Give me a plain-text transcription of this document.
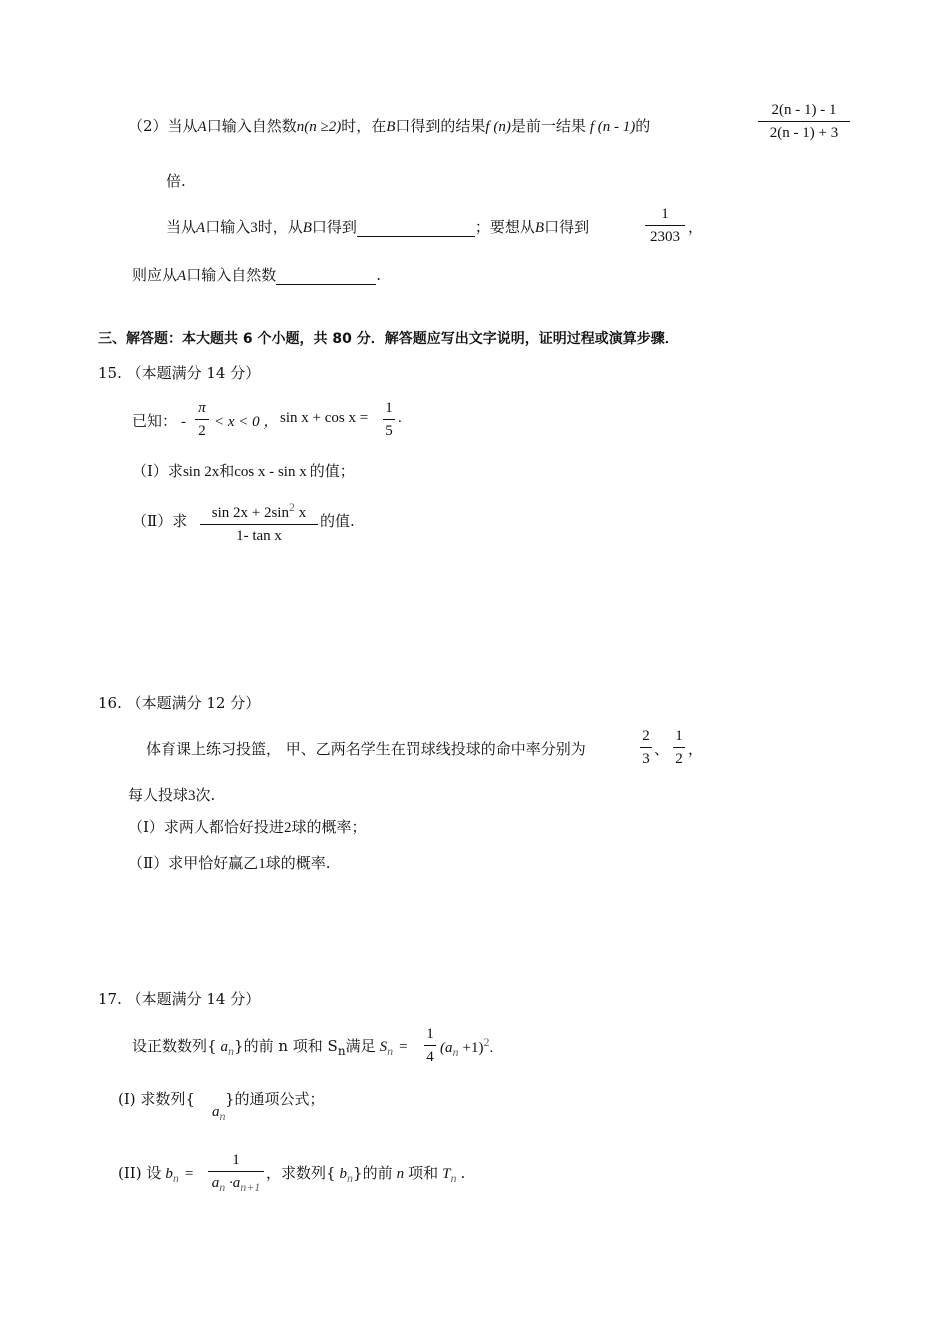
（2）当从A口输入自然数n(n ≥2)时，在B口得到的结果f (n)是前一结果 f (n - 1)的
2(n - 1) - 1
2(n - 1) + 3
倍.
当从A口输入3时，从B口得到	；要想从B口得到
1
2303
，
则应从A口输入自然数	.
三、解答题：本大题共 6 个小题，共 80 分．解答题应写出文字说明，证明过程或演算步骤．
15. （本题满分 14 分）
已知： -
π
2
< x < 0 ， sin x + cos x =
1
5
.
（Ⅰ）求sin 2x和cos x - sin x 的值；
（Ⅱ）求	$\sin 2x + 2\sin^2$ x
1- tan x
的值.
16. （本题满分 12 分）
体育课上练习投篮， 甲、乙两名学生在罚球线投球的命中率分别为
2
3
、
1
2
，
每人投球3次.
（Ⅰ）求两人都恰好投进2球的概率；
（Ⅱ）求甲恰好赢乙1球的概率.
17. （本题满分 14 分）
设正数数列{ $a_n$}的前 n 项和 $S_n$满足 $S_n$ =
1
4
$(a_n +1)^2$.
(I) 求数列{ }的通项公式；
$a_n$
(II) 设 $b_n$ =
1
$a_n \cdot a_{n+1}$
，求数列{ $b_n$}的前 n 项和 $T_n$ .
